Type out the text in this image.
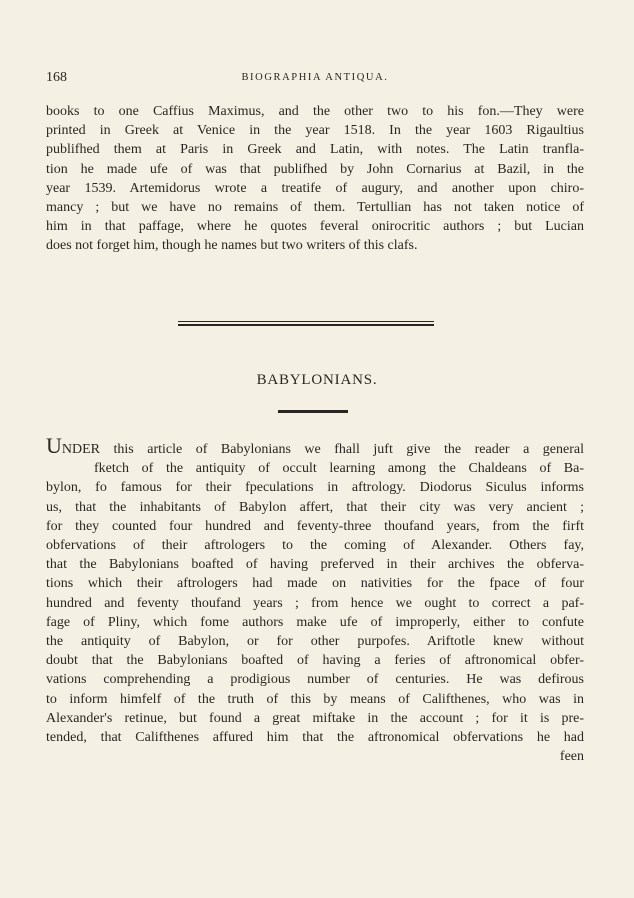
168	BIOGRAPHIA ANTIQUA.
books to one Caffius Maximus, and the other two to his fon.—They were
printed in Greek at Venice in the year 1518. In the year 1603 Rigaultius
publifhed them at Paris in Greek and Latin, with notes. The Latin tranfla-
tion he made ufe of was that publifhed by John Cornarius at Bazil, in the
year 1539. Artemidorus wrote a treatife of augury, and another upon chiro-
mancy ; but we have no remains of them. Tertullian has not taken notice of
him in that paffage, where he quotes feveral onirocritic authors ; but Lucian
does not forget him, though he names but two writers of this clafs.
BABYLONIANS.
UNDER this article of Babylonians we fhall juft give the reader a general
fketch of the antiquity of occult learning among the Chaldeans of Ba-
bylon, fo famous for their fpeculations in aftrology. Diodorus Siculus informs
us, that the inhabitants of Babylon affert, that their city was very ancient ;
for they counted four hundred and feventy-three thoufand years, from the firft
obfervations of their aftrologers to the coming of Alexander. Others fay,
that the Babylonians boafted of having preferved in their archives the obferva-
tions which their aftrologers had made on nativities for the fpace of four
hundred and feventy thoufand years ; from hence we ought to correct a paf-
fage of Pliny, which fome authors make ufe of improperly, either to confute
the antiquity of Babylon, or for other purpofes. Ariftotle knew without
doubt that the Babylonians boafted of having a feries of aftronomical obfer-
vations comprehending a prodigious number of centuries. He was defirous
to inform himfelf of the truth of this by means of Califthenes, who was in
Alexander's retinue, but found a great miftake in the account ; for it is pre-
tended, that Califthenes affured him that the aftronomical obfervations he had
feen
